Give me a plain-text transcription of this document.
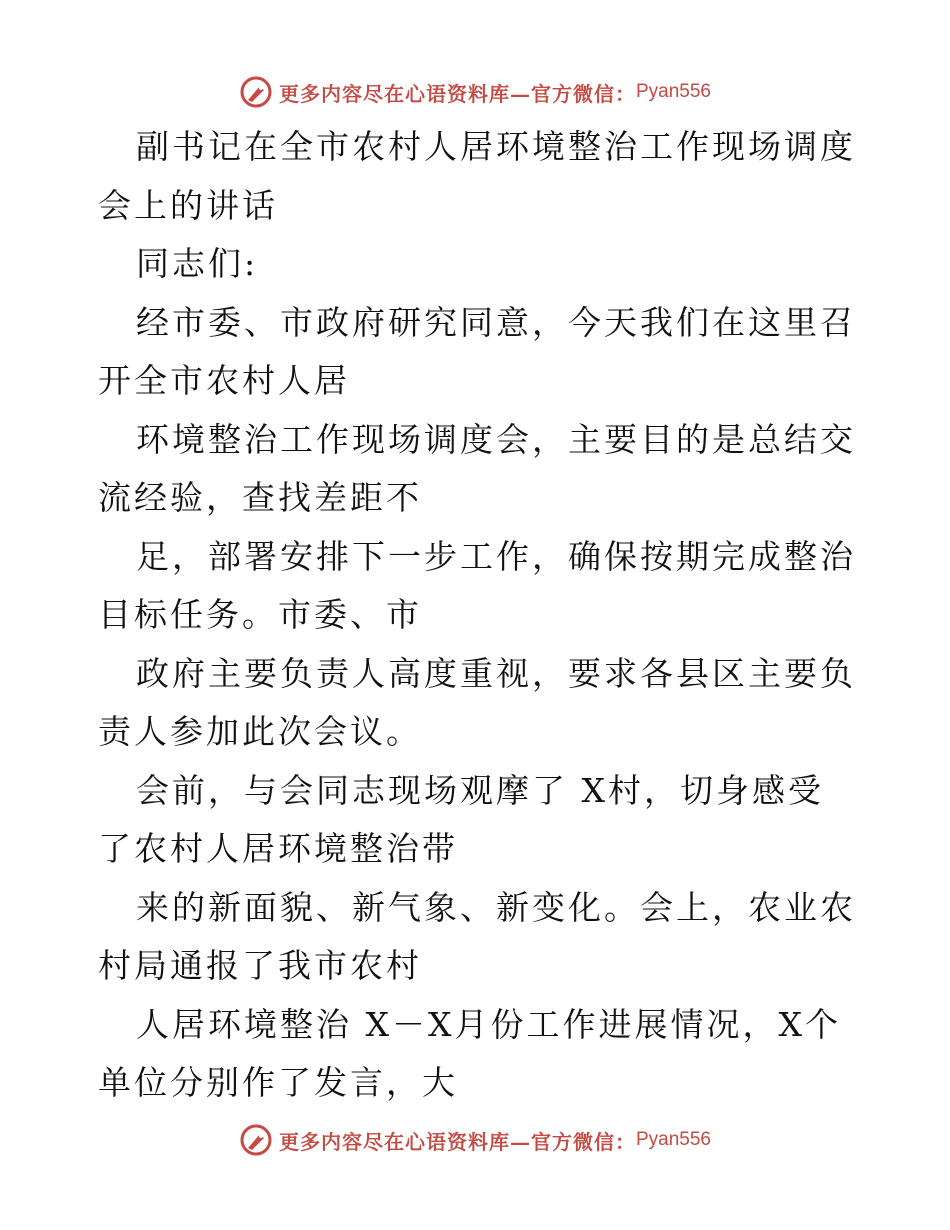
更多内容尽在心语资料库—官方微信： Pyan556

副书记在全市农村人居环境整治工作现场调度会上的讲话

同志们:

经市委、市政府研究同意，今天我们在这里召开全市农村人居

环境整治工作现场调度会，主要目的是总结交流经验，查找差距不

足，部署安排下一步工作，确保按期完成整治目标任务。市委、市

政府主要负责人高度重视，要求各县区主要负责人参加此次会议。

会前，与会同志现场观摩了 X村，切身感受了农村人居环境整治带

来的新面貌、新气象、新变化。会上，农业农村局通报了我市农村

人居环境整治 X－X月份工作进展情况，X个单位分别作了发言，大

更多内容尽在心语资料库—官方微信： Pyan556
